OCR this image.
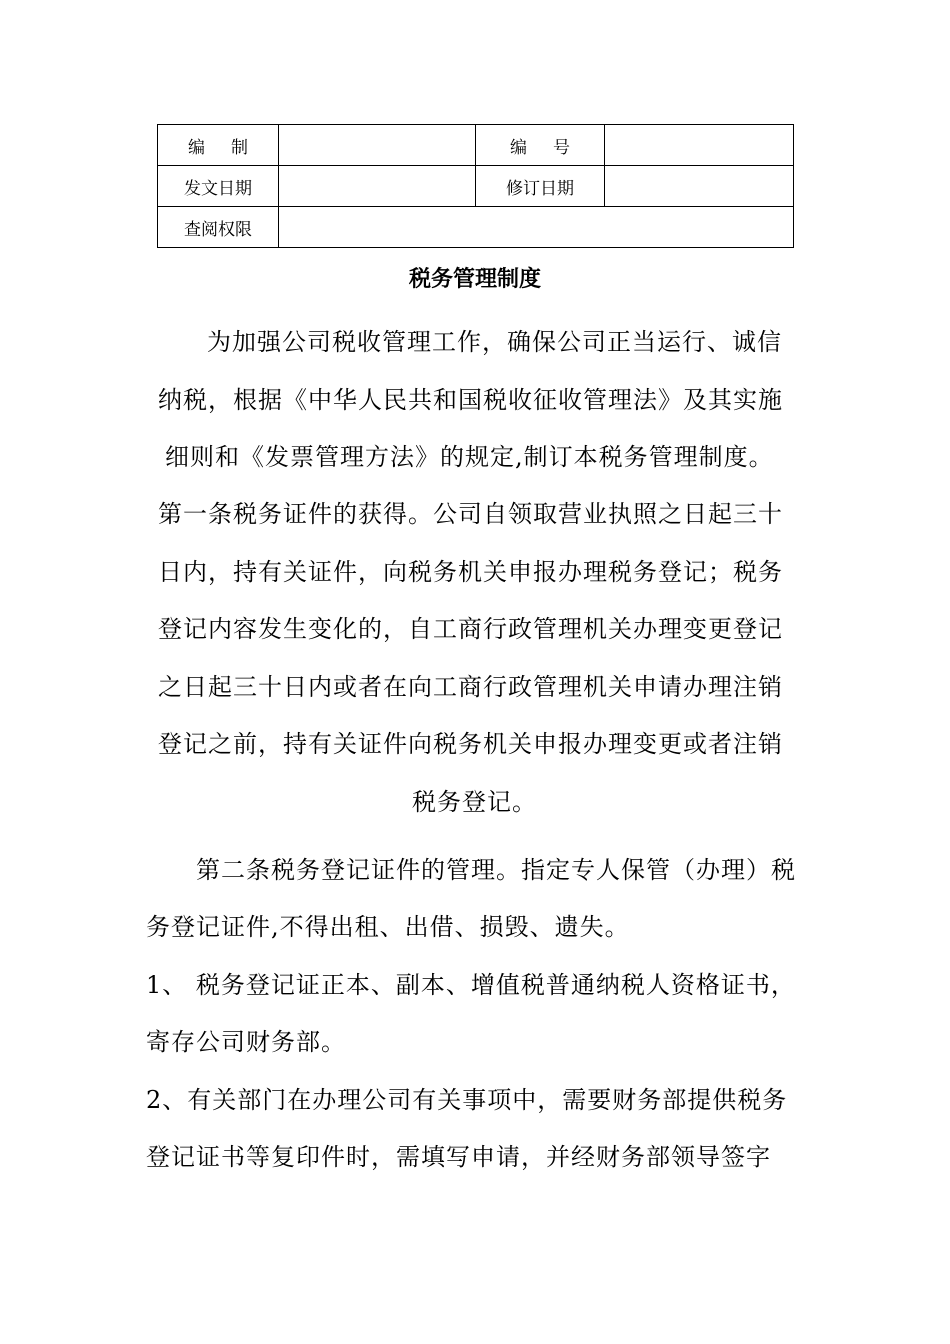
编制		编号	
发文日期		修订日期	
查阅权限			
税务管理制度
为加强公司税收管理工作，确保公司正当运行、诚信
纳税，根据《中华人民共和国税收征收管理法》及其实施
细则和《发票管理方法》的规定,制订本税务管理制度。
第一条税务证件的获得。公司自领取营业执照之日起三十
日内，持有关证件，向税务机关申报办理税务登记；税务
登记内容发生变化的，自工商行政管理机关办理变更登记
之日起三十日内或者在向工商行政管理机关申请办理注销
登记之前，持有关证件向税务机关申报办理变更或者注销
税务登记。
第二条税务登记证件的管理。指定专人保管（办理）税
务登记证件,不得出租、出借、损毁、遗失。
1、 税务登记证正本、副本、增值税普通纳税人资格证书，
寄存公司财务部。
2、有关部门在办理公司有关事项中，需要财务部提供税务
登记证书等复印件时，需填写申请，并经财务部领导签字
